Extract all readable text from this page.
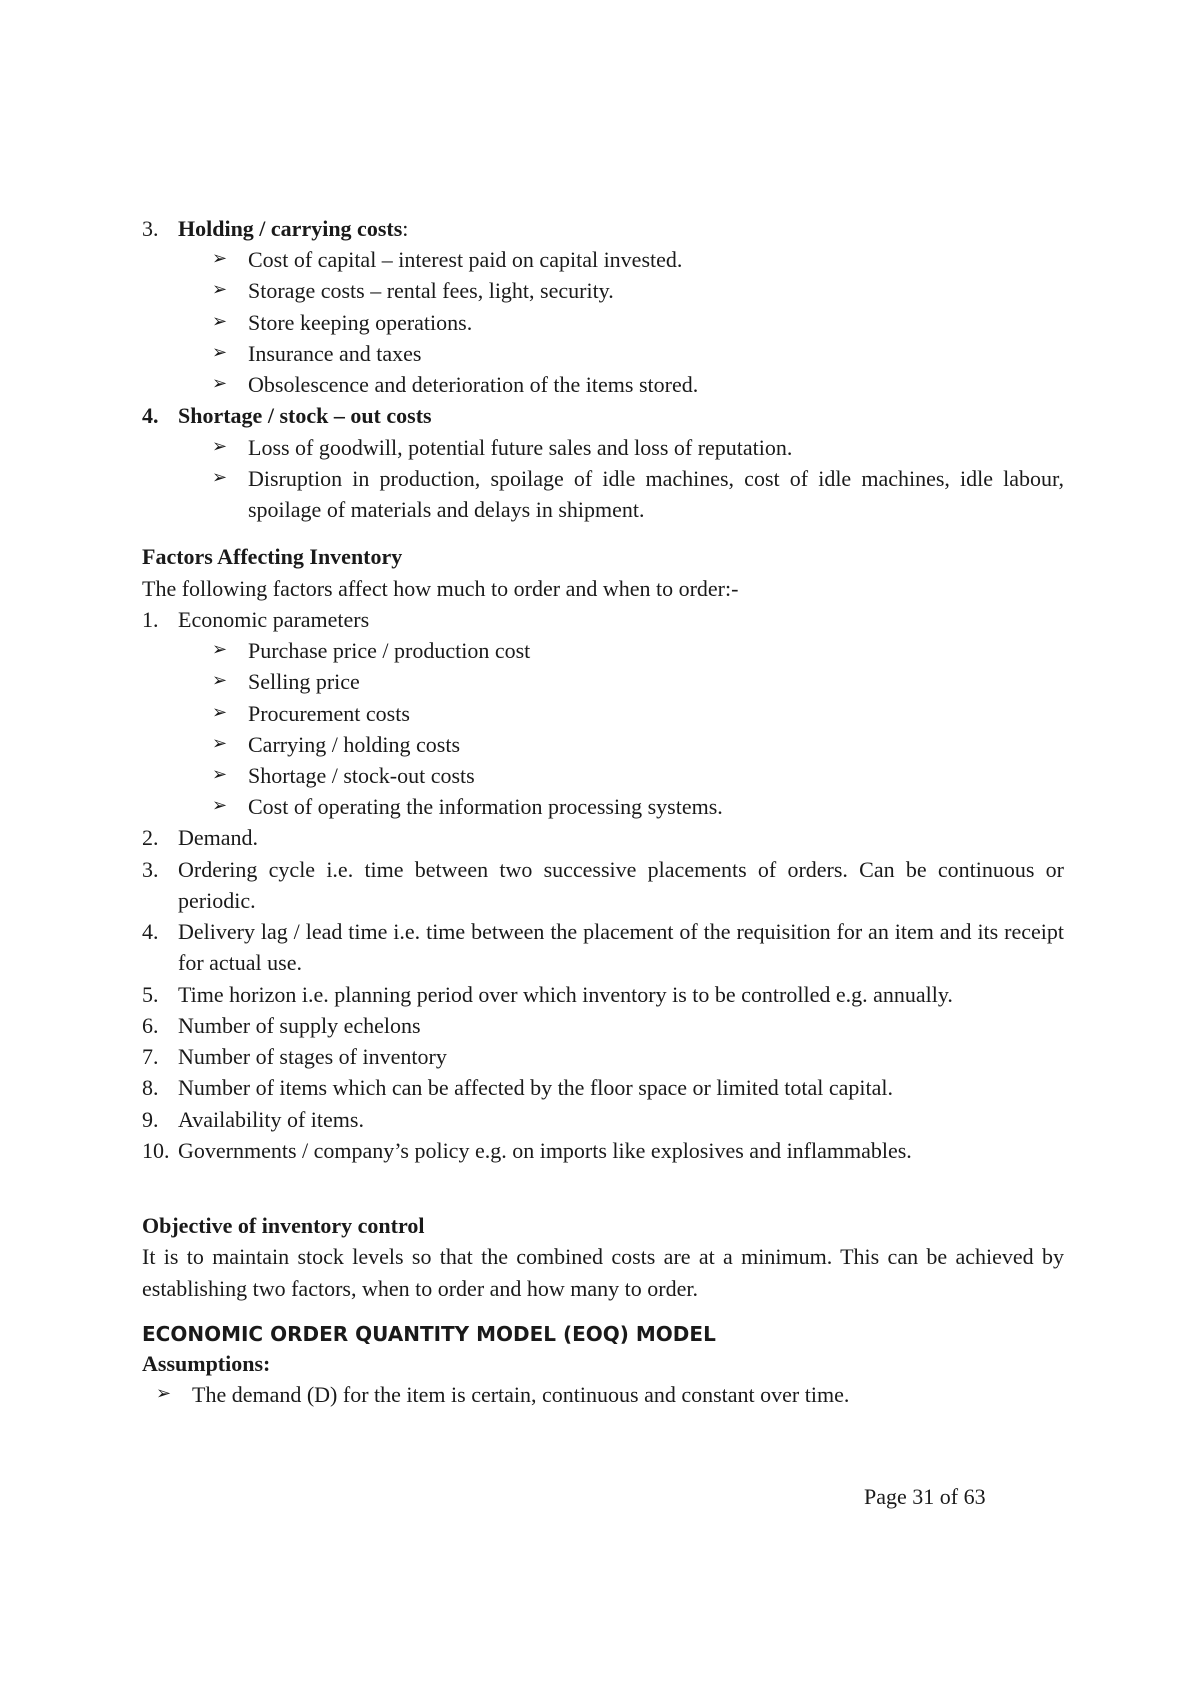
3. Holding / carrying costs:
➢ Cost of capital – interest paid on capital invested.
➢ Storage costs – rental fees, light, security.
➢ Store keeping operations.
➢ Insurance and taxes
➢ Obsolescence and deterioration of the items stored.
4. Shortage / stock – out costs
➢ Loss of goodwill, potential future sales and loss of reputation.
➢ Disruption in production, spoilage of idle machines, cost of idle machines, idle labour, spoilage of materials and delays in shipment.
Factors Affecting Inventory
The following factors affect how much to order and when to order:-
1. Economic parameters
➢ Purchase price / production cost
➢ Selling price
➢ Procurement costs
➢ Carrying / holding costs
➢ Shortage / stock-out costs
➢ Cost of operating the information processing systems.
2. Demand.
3. Ordering cycle i.e. time between two successive placements of orders. Can be continuous or periodic.
4. Delivery lag / lead time i.e. time between the placement of the requisition for an item and its receipt for actual use.
5. Time horizon i.e. planning period over which inventory is to be controlled e.g. annually.
6. Number of supply echelons
7. Number of stages of inventory
8. Number of items which can be affected by the floor space or limited total capital.
9. Availability of items.
10. Governments / company’s policy e.g. on imports like explosives and inflammables.
Objective of inventory control
It is to maintain stock levels so that the combined costs are at a minimum. This can be achieved by establishing two factors, when to order and how many to order.
ECONOMIC ORDER QUANTITY MODEL (EOQ) MODEL
Assumptions:
➢ The demand (D) for the item is certain, continuous and constant over time.
Page 31 of 63
